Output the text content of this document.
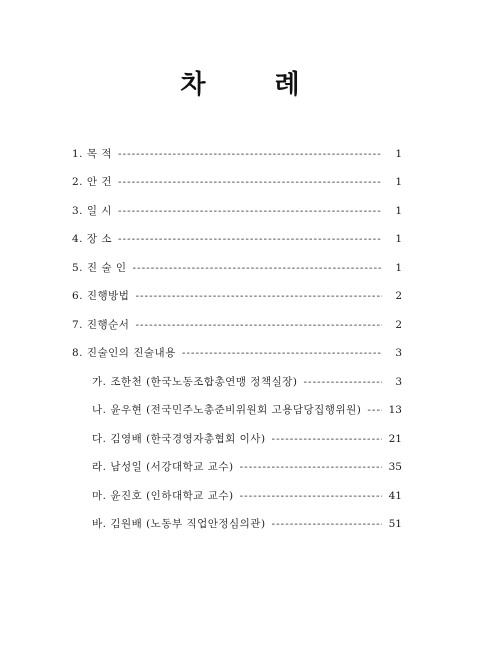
차 례
1. 목 적 -----	1
2. 안 건 -----	1
3. 일 시 -----	1
4. 장 소 -----	1
5. 진 술 인 -----	1
6. 진행방법 -----	2
7. 진행순서 -----	2
8. 진술인의 진술내용 -----	3
가. 조한천 (한국노동조합총연맹 정책실장) -----	3
나. 윤우현 (전국민주노총준비위원회 고용담당집행위원) -----	13
다. 김영배 (한국경영자총협회 이사) -----	21
라. 남성일 (서강대학교 교수) -----	35
마. 윤진호 (인하대학교 교수) -----	41
바. 김원배 (노동부 직업안정심의관) -----	51
